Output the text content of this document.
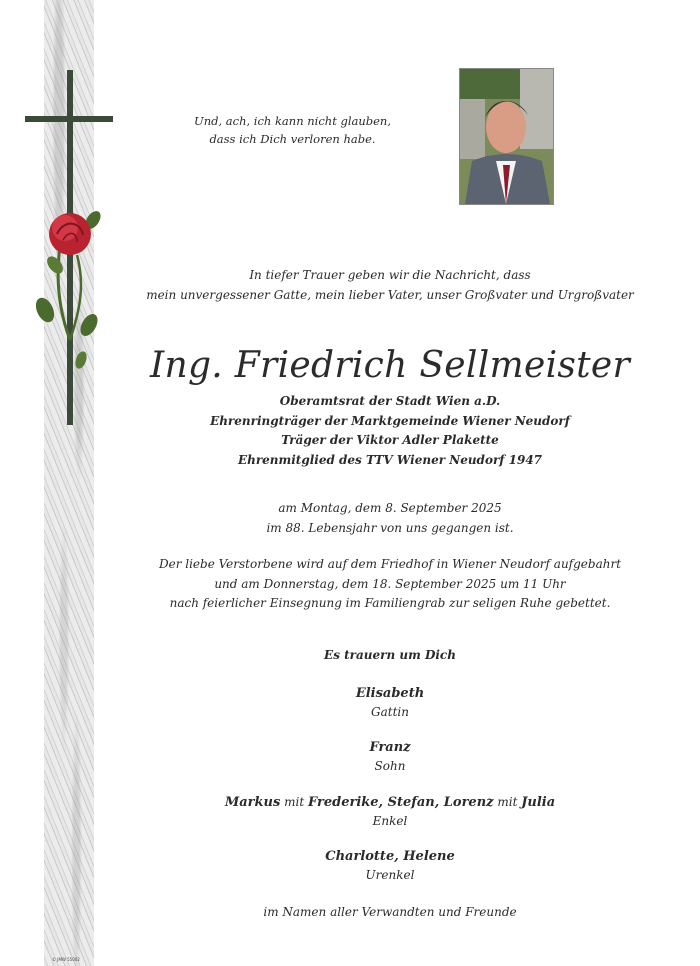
© JMW 55002
Und, ach, ich kann nicht glauben,
dass ich Dich verloren habe.
In tiefer Trauer geben wir die Nachricht, dass
mein unvergessener Gatte, mein lieber Vater, unser Großvater und Urgroßvater
Ing. Friedrich Sellmeister
Oberamtsrat der Stadt Wien a.D.
Ehrenringträger der Marktgemeinde Wiener Neudorf
Träger der Viktor Adler Plakette
Ehrenmitglied des TTV Wiener Neudorf 1947
am Montag, dem 8. September 2025
im 88. Lebensjahr von uns gegangen ist.
Der liebe Verstorbene wird auf dem Friedhof in Wiener Neudorf aufgebahrt
und am Donnerstag, dem 18. September 2025 um 11 Uhr
nach feierlicher Einsegnung im Familiengrab zur seligen Ruhe gebettet.
Es trauern um Dich
Elisabeth
Gattin
Franz
Sohn
Markus mit Frederike, Stefan, Lorenz mit Julia
Enkel
Charlotte, Helene
Urenkel
im Namen aller Verwandten und Freunde
